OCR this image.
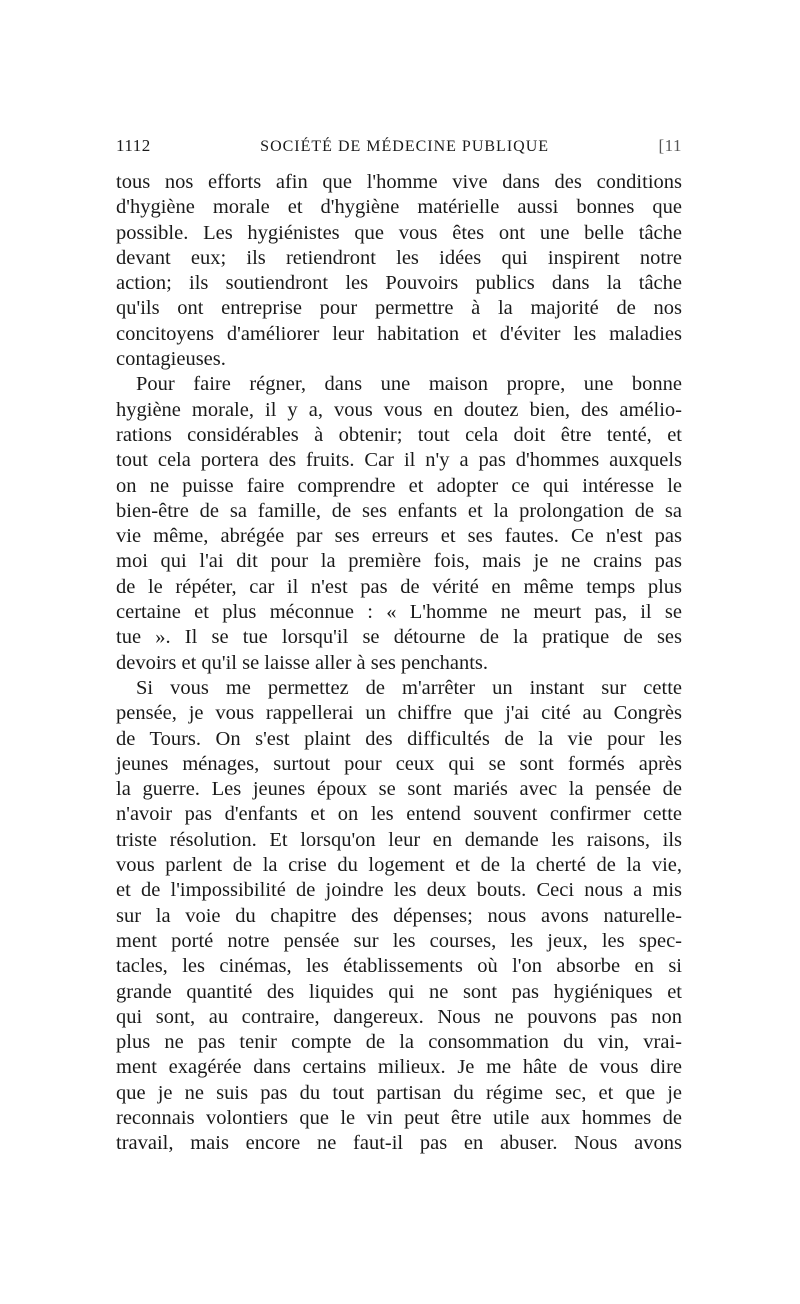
1112	SOCIÉTÉ DE MÉDECINE PUBLIQUE	[11
tous nos efforts afin que l'homme vive dans des conditions
d'hygiène morale et d'hygiène matérielle aussi bonnes que
possible. Les hygiénistes que vous êtes ont une belle tâche
devant eux; ils retiendront les idées qui inspirent notre
action; ils soutiendront les Pouvoirs publics dans la tâche
qu'ils ont entreprise pour permettre à la majorité de nos
concitoyens d'améliorer leur habitation et d'éviter les maladies
contagieuses.
Pour faire régner, dans une maison propre, une bonne
hygiène morale, il y a, vous vous en doutez bien, des amélio-
rations considérables à obtenir; tout cela doit être tenté, et
tout cela portera des fruits. Car il n'y a pas d'hommes auxquels
on ne puisse faire comprendre et adopter ce qui intéresse le
bien-être de sa famille, de ses enfants et la prolongation de sa
vie même, abrégée par ses erreurs et ses fautes. Ce n'est pas
moi qui l'ai dit pour la première fois, mais je ne crains pas
de le répéter, car il n'est pas de vérité en même temps plus
certaine et plus méconnue : « L'homme ne meurt pas, il se
tue ». Il se tue lorsqu'il se détourne de la pratique de ses
devoirs et qu'il se laisse aller à ses penchants.
Si vous me permettez de m'arrêter un instant sur cette
pensée, je vous rappellerai un chiffre que j'ai cité au Congrès
de Tours. On s'est plaint des difficultés de la vie pour les
jeunes ménages, surtout pour ceux qui se sont formés après
la guerre. Les jeunes époux se sont mariés avec la pensée de
n'avoir pas d'enfants et on les entend souvent confirmer cette
triste résolution. Et lorsqu'on leur en demande les raisons, ils
vous parlent de la crise du logement et de la cherté de la vie,
et de l'impossibilité de joindre les deux bouts. Ceci nous a mis
sur la voie du chapitre des dépenses; nous avons naturelle-
ment porté notre pensée sur les courses, les jeux, les spec-
tacles, les cinémas, les établissements où l'on absorbe en si
grande quantité des liquides qui ne sont pas hygiéniques et
qui sont, au contraire, dangereux. Nous ne pouvons pas non
plus ne pas tenir compte de la consommation du vin, vrai-
ment exagérée dans certains milieux. Je me hâte de vous dire
que je ne suis pas du tout partisan du régime sec, et que je
reconnais volontiers que le vin peut être utile aux hommes de
travail, mais encore ne faut-il pas en abuser. Nous avons
